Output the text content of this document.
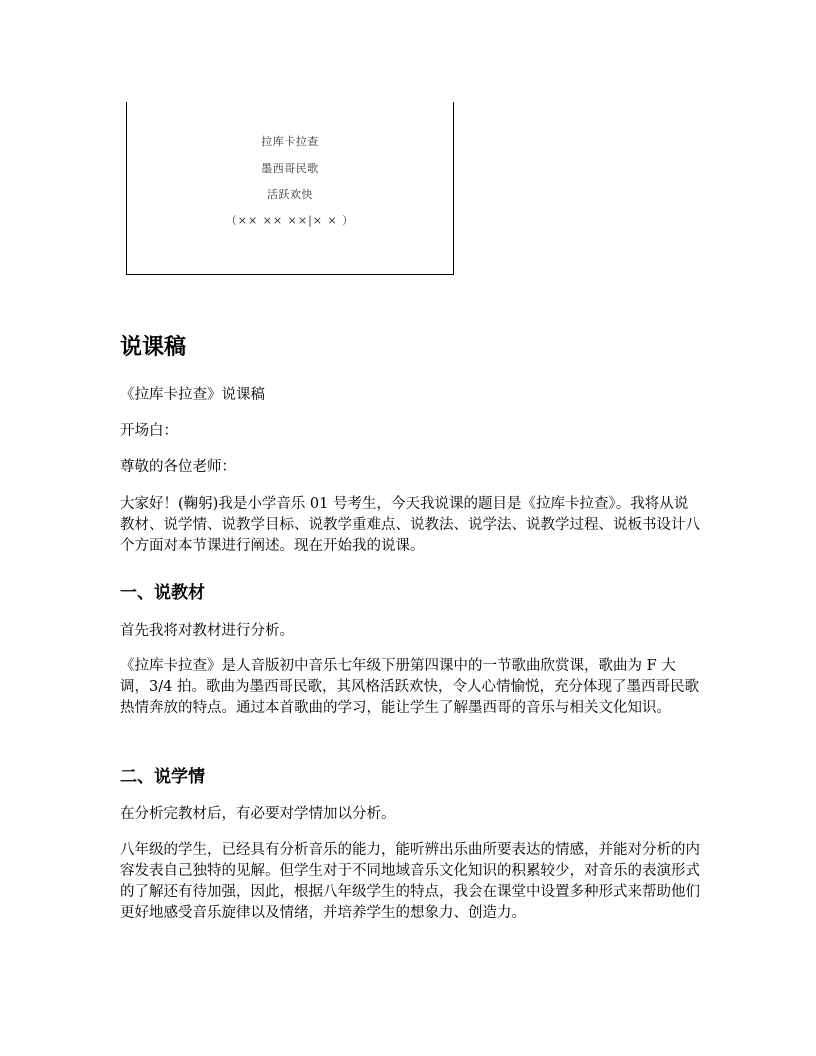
拉库卡拉查
墨西哥民歌
活跃欢快
（×× ×× ××|× × ）
说课稿

《拉库卡拉查》说课稿

开场白：

尊敬的各位老师：

大家好！(鞠躬)我是小学音乐 01 号考生，今天我说课的题目是《拉库卡拉查》。我将从说教材、说学情、说教学目标、说教学重难点、说教法、说学法、说教学过程、说板书设计八个方面对本节课进行阐述。现在开始我的说课。

一、说教材

首先我将对教材进行分析。

《拉库卡拉查》是人音版初中音乐七年级下册第四课中的一节歌曲欣赏课，歌曲为 F 大调，3/4 拍。歌曲为墨西哥民歌，其风格活跃欢快，令人心情愉悦，充分体现了墨西哥民歌热情奔放的特点。通过本首歌曲的学习，能让学生了解墨西哥的音乐与相关文化知识。

二、说学情

在分析完教材后，有必要对学情加以分析。

八年级的学生，已经具有分析音乐的能力，能听辨出乐曲所要表达的情感，并能对分析的内容发表自己独特的见解。但学生对于不同地域音乐文化知识的积累较少，对音乐的表演形式的了解还有待加强，因此，根据八年级学生的特点，我会在课堂中设置多种形式来帮助他们更好地感受音乐旋律以及情绪，并培养学生的想象力、创造力。
